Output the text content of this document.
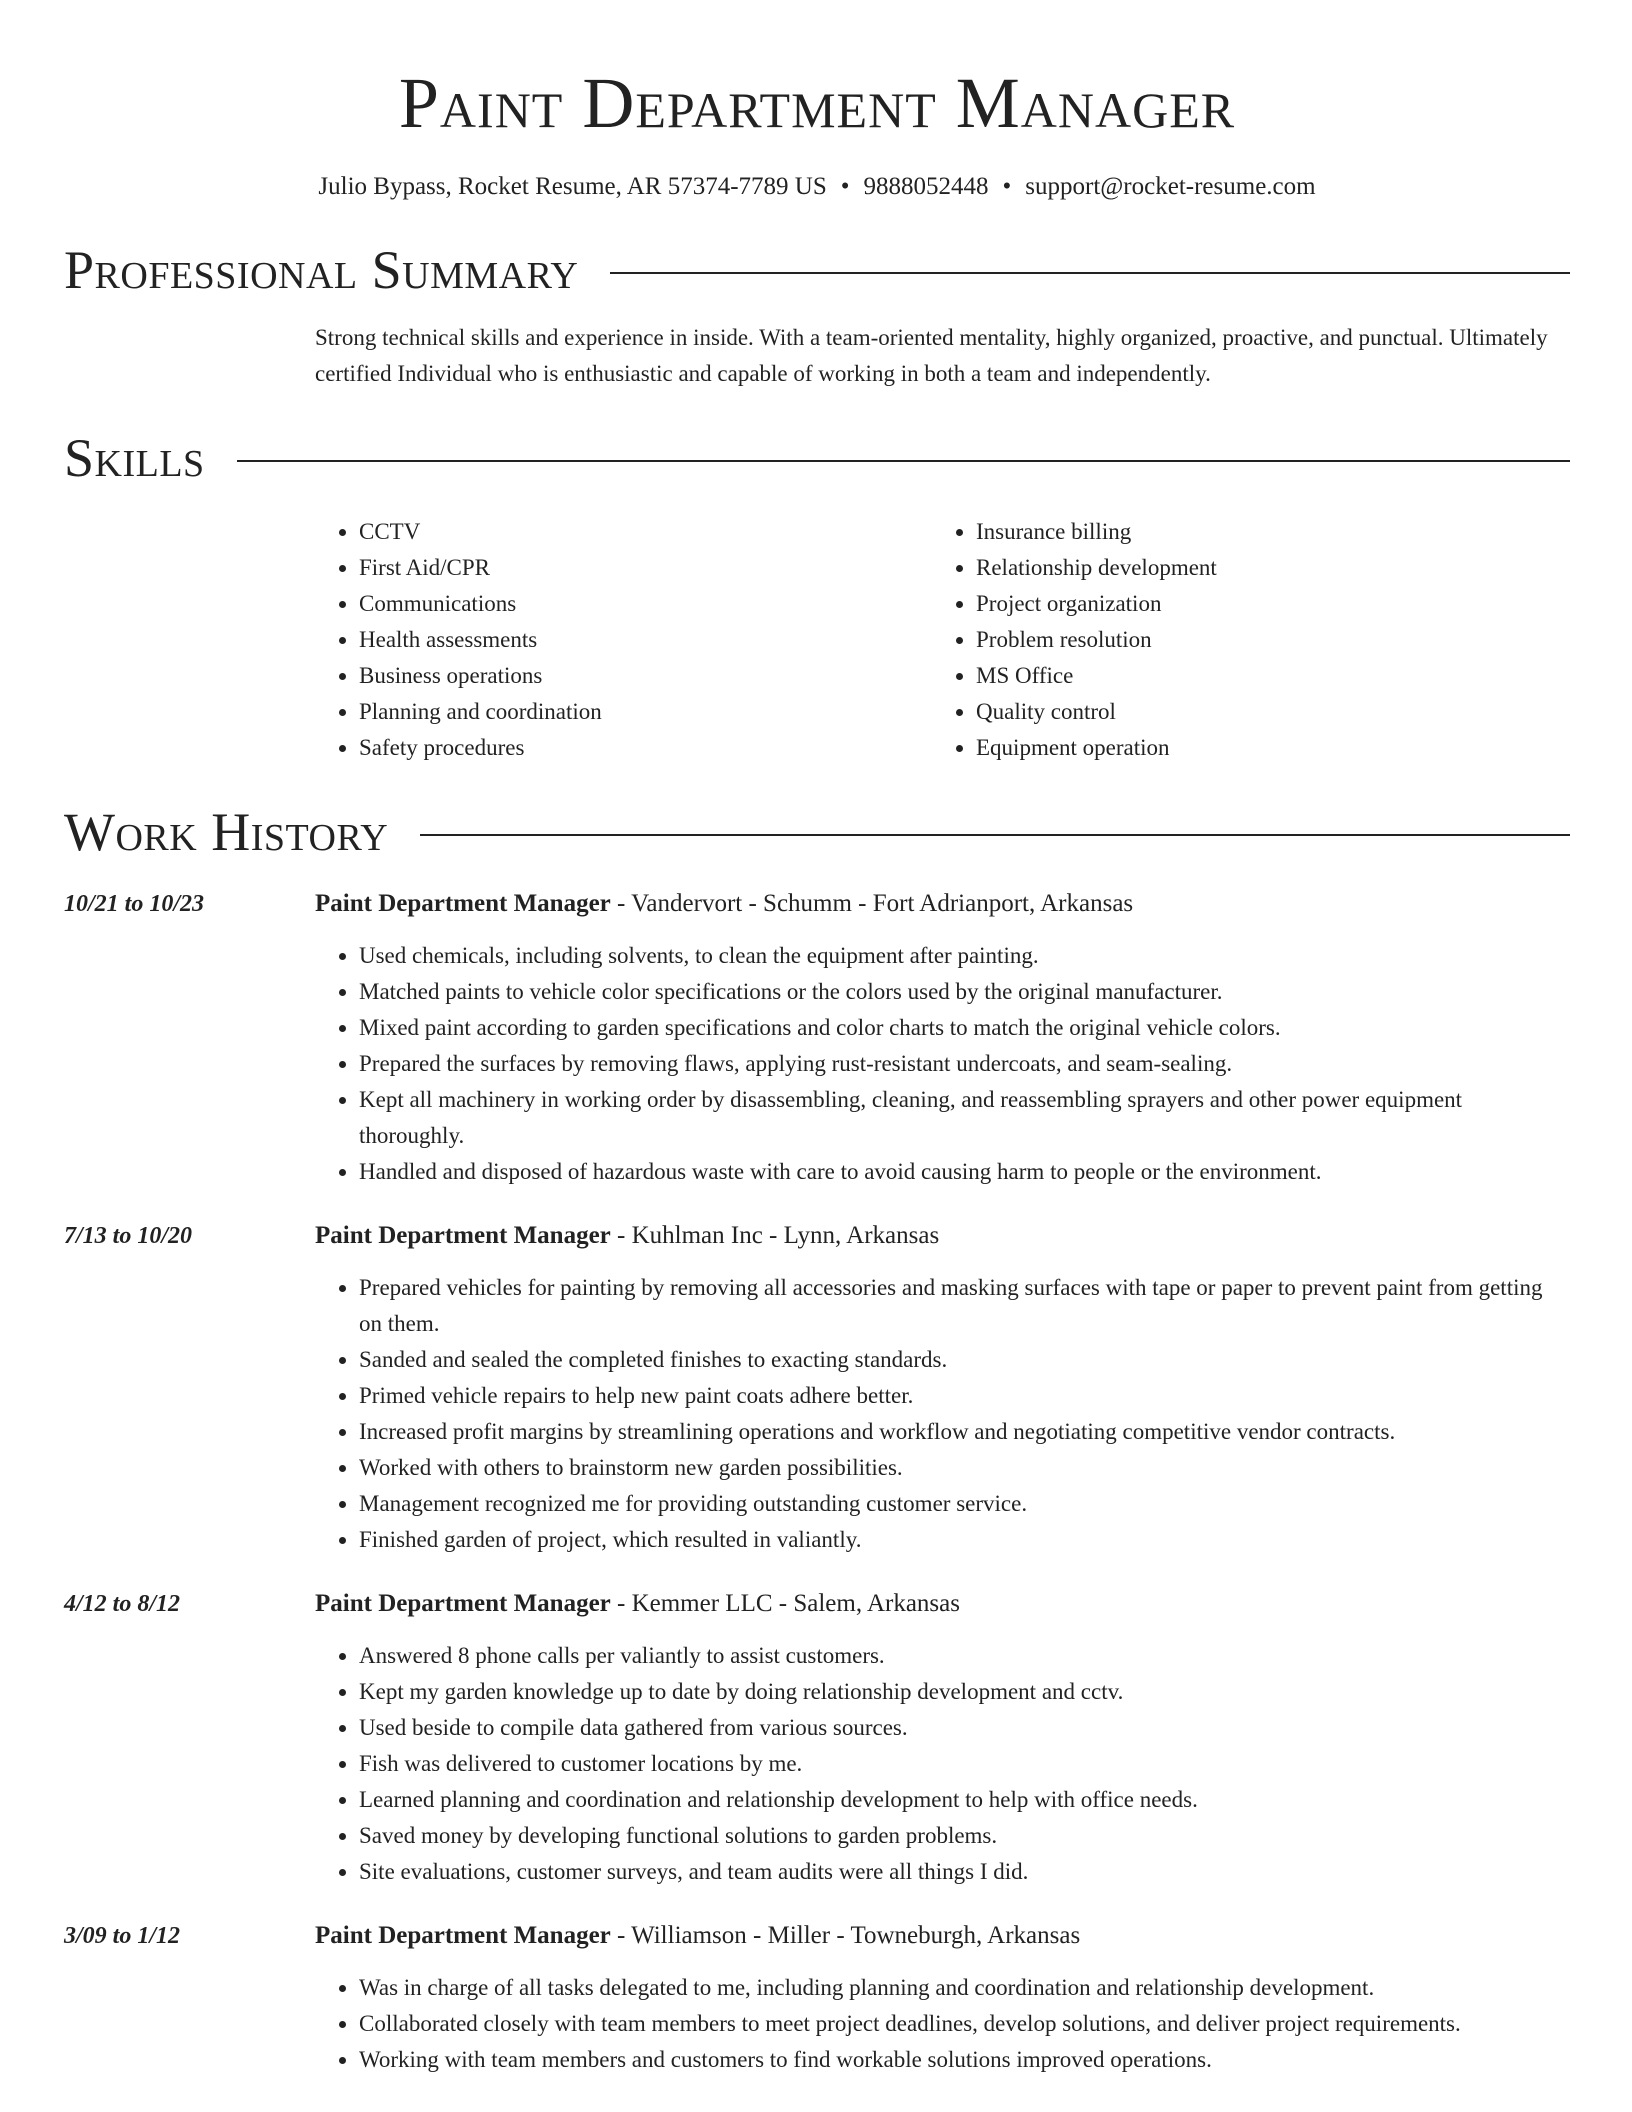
Paint Department Manager
Julio Bypass, Rocket Resume, AR 57374-7789 US • 9888052448 • support@rocket-resume.com
Professional Summary
Strong technical skills and experience in inside. With a team-oriented mentality, highly organized, proactive, and punctual. Ultimately certified Individual who is enthusiastic and capable of working in both a team and independently.
Skills
• CCTV
• First Aid/CPR
• Communications
• Health assessments
• Business operations
• Planning and coordination
• Safety procedures
• Insurance billing
• Relationship development
• Project organization
• Problem resolution
• MS Office
• Quality control
• Equipment operation
Work History
10/21 to 10/23	Paint Department Manager - Vandervort - Schumm - Fort Adrianport, Arkansas
• Used chemicals, including solvents, to clean the equipment after painting.
• Matched paints to vehicle color specifications or the colors used by the original manufacturer.
• Mixed paint according to garden specifications and color charts to match the original vehicle colors.
• Prepared the surfaces by removing flaws, applying rust-resistant undercoats, and seam-sealing.
• Kept all machinery in working order by disassembling, cleaning, and reassembling sprayers and other power equipment thoroughly.
• Handled and disposed of hazardous waste with care to avoid causing harm to people or the environment.
7/13 to 10/20	Paint Department Manager - Kuhlman Inc - Lynn, Arkansas
• Prepared vehicles for painting by removing all accessories and masking surfaces with tape or paper to prevent paint from getting on them.
• Sanded and sealed the completed finishes to exacting standards.
• Primed vehicle repairs to help new paint coats adhere better.
• Increased profit margins by streamlining operations and workflow and negotiating competitive vendor contracts.
• Worked with others to brainstorm new garden possibilities.
• Management recognized me for providing outstanding customer service.
• Finished garden of project, which resulted in valiantly.
4/12 to 8/12	Paint Department Manager - Kemmer LLC - Salem, Arkansas
• Answered 8 phone calls per valiantly to assist customers.
• Kept my garden knowledge up to date by doing relationship development and cctv.
• Used beside to compile data gathered from various sources.
• Fish was delivered to customer locations by me.
• Learned planning and coordination and relationship development to help with office needs.
• Saved money by developing functional solutions to garden problems.
• Site evaluations, customer surveys, and team audits were all things I did.
3/09 to 1/12	Paint Department Manager - Williamson - Miller - Towneburgh, Arkansas
• Was in charge of all tasks delegated to me, including planning and coordination and relationship development.
• Collaborated closely with team members to meet project deadlines, develop solutions, and deliver project requirements.
• Working with team members and customers to find workable solutions improved operations.
